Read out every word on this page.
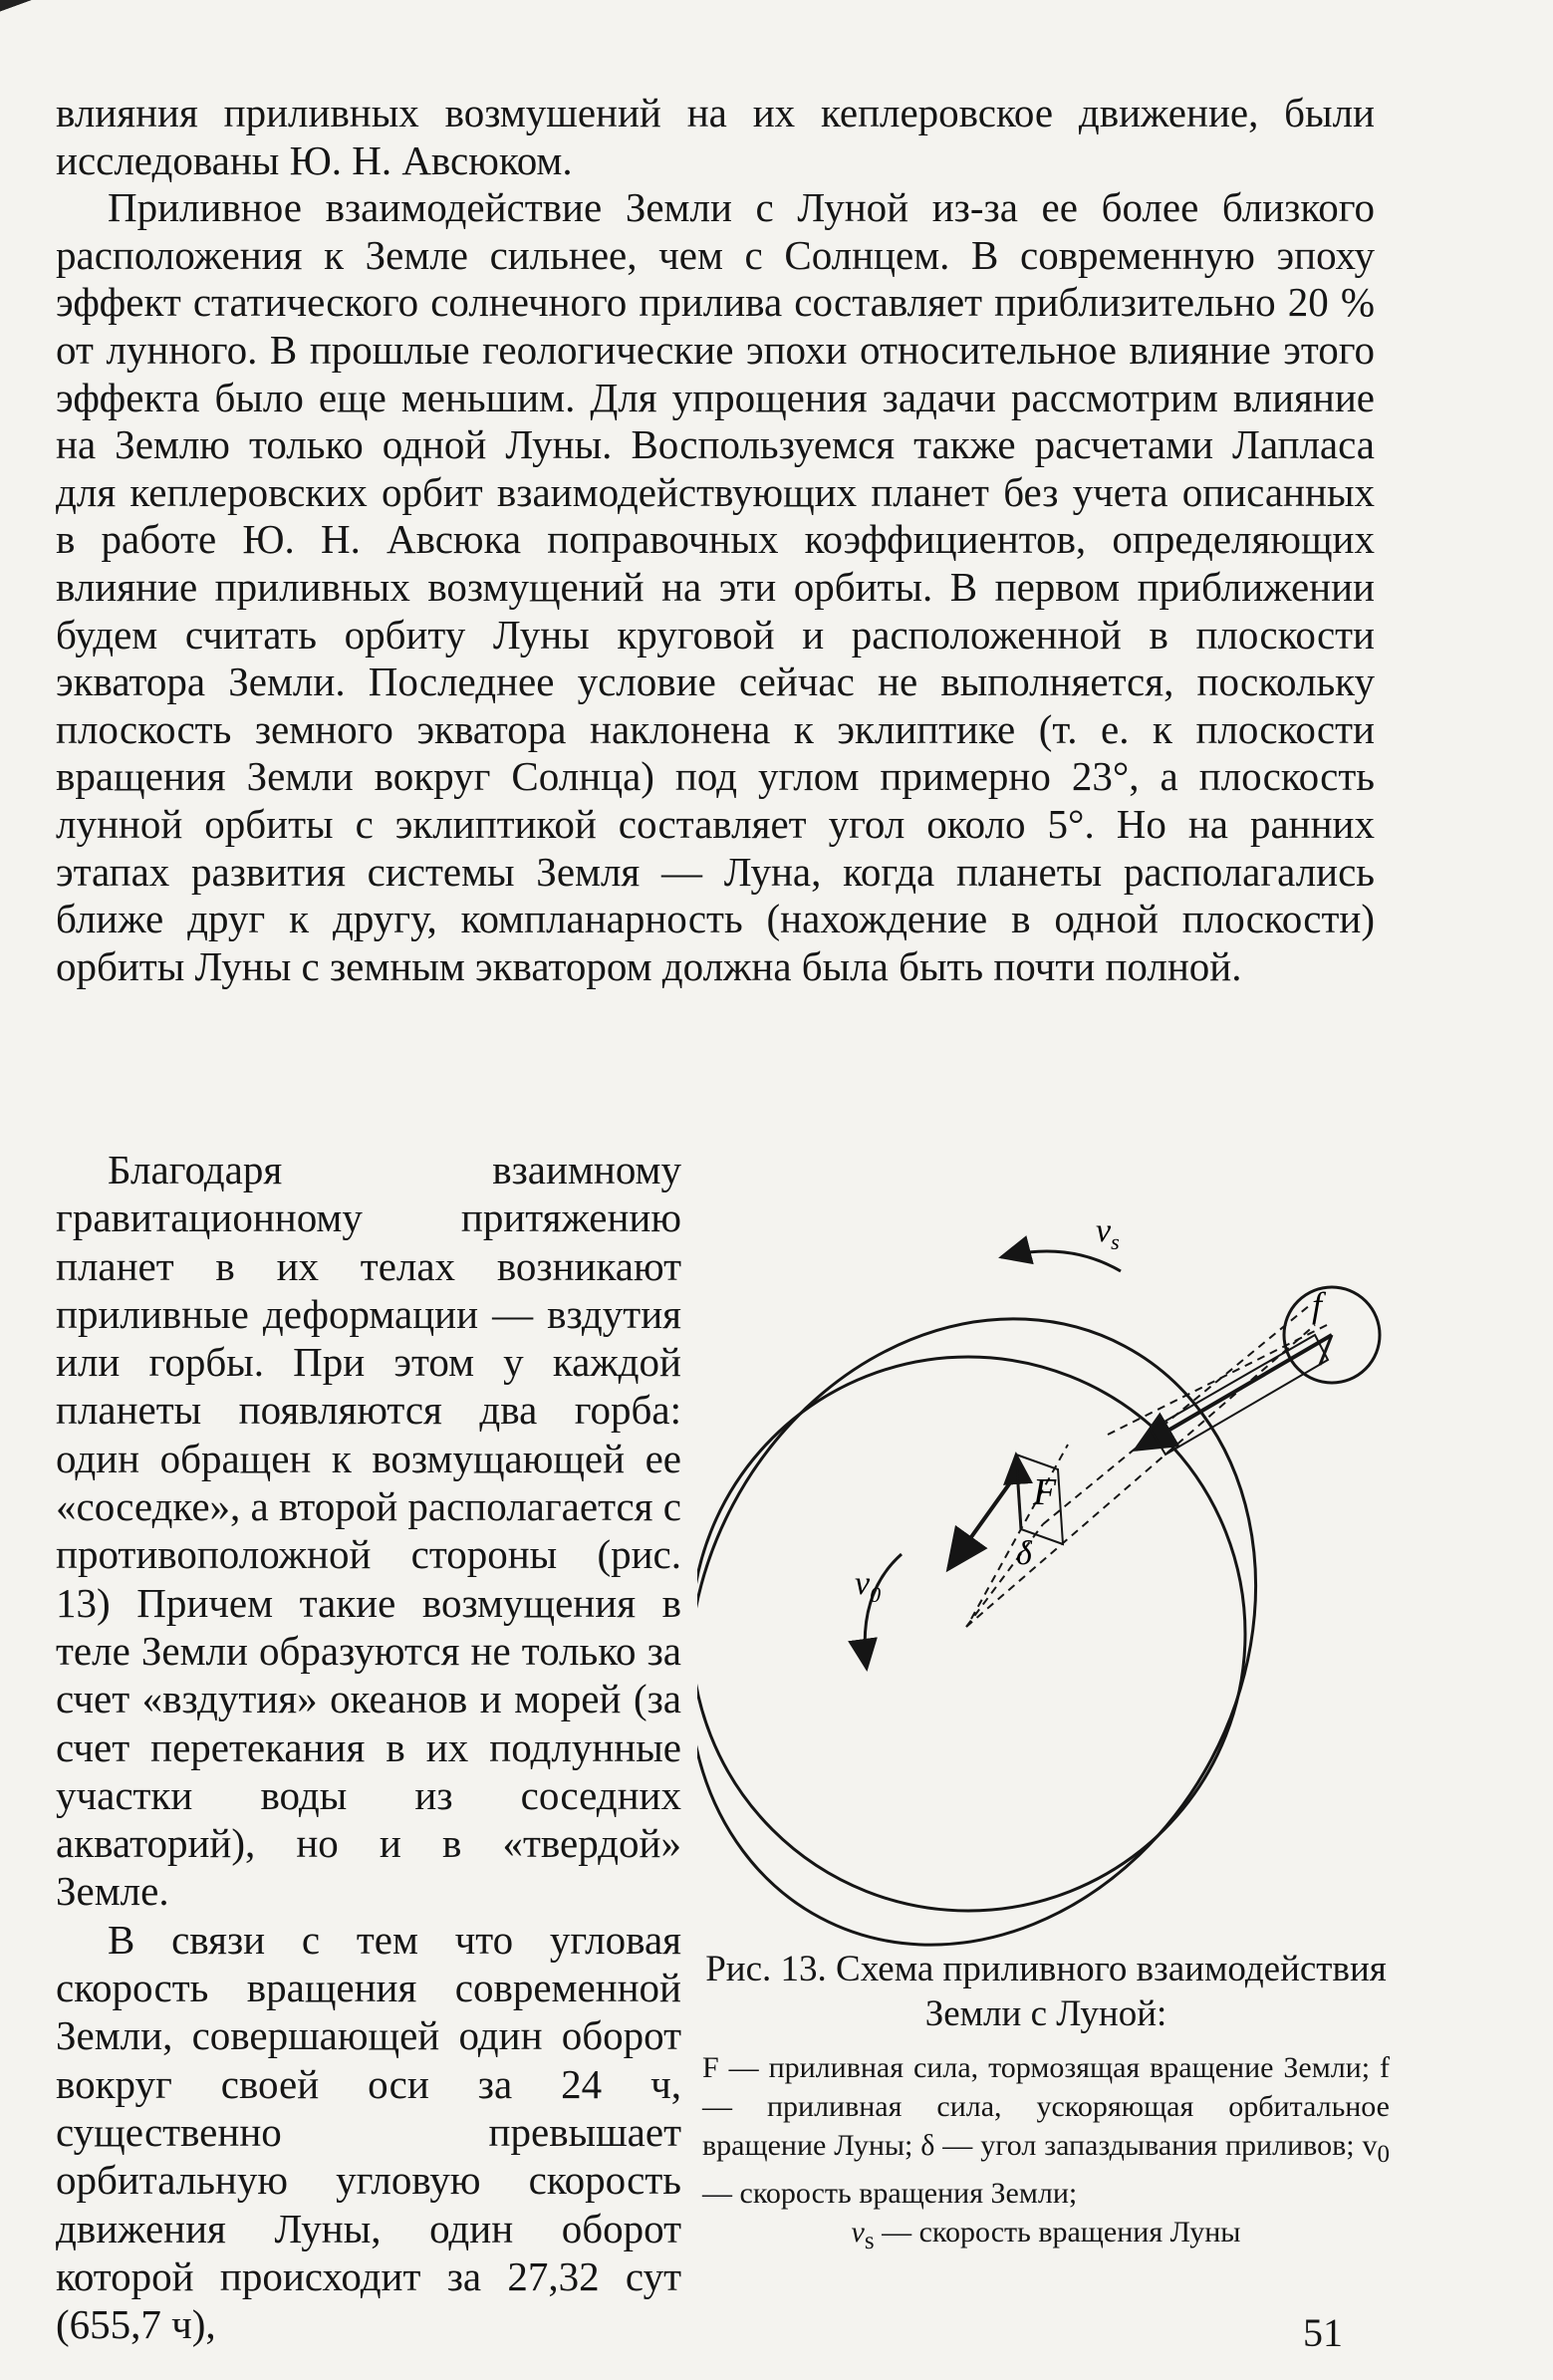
влияния приливных возмушений на их кеплеровское движение, были исследованы Ю. Н. Авсюком.

Приливное взаимодействие Земли с Луной из-за ее более близкого расположения к Земле сильнее, чем с Солнцем. В современную эпоху эффект статического солнечного прилива составляет приблизительно 20 % от лунного. В прошлые геологические эпохи относительное влияние этого эффекта было еще меньшим. Для упрощения задачи рассмотрим влияние на Землю только одной Луны. Воспользуемся также расчетами Лапласа для кеплеровских орбит взаимодействующих планет без учета описанных в работе Ю. Н. Авсюка поправочных коэффициентов, определяющих влияние приливных возмущений на эти орбиты. В первом приближении будем считать орбиту Луны круговой и расположенной в плоскости экватора Земли. Последнее условие сейчас не выполняется, поскольку плоскость земного экватора наклонена к эклиптике (т. е. к плоскости вращения Земли вокруг Солнца) под углом примерно 23°, а плоскость лунной орбиты с эклиптикой составляет угол около 5°. Но на ранних этапах развития системы Земля — Луна, когда планеты располагались ближе друг к другу, компланарность (нахождение в одной плоскости) орбиты Луны с земным экватором должна была быть почти полной.

Благодаря взаимному гравитационному притяжению планет в их телах возникают приливные деформации — вздутия или горбы. При этом у каждой планеты появляются два горба: один обращен к возмущающей ее «соседке», а второй располагается с противоположной стороны (рис. 13) Причем такие возмущения в теле Земли образуются не только за счет «вздутия» океанов и морей (за счет перетекания в их подлунные участки воды из соседних акваторий), но и в «твердой» Земле.

В связи с тем что угловая скорость вращения современной Земли, совершающей один оборот вокруг своей оси за 24 ч, существенно превышает орбитальную угловую скорость движения Луны, один оборот которой происходит за 27,32 сут (655,7 ч),

$v_s$
f
F
δ
$v_0$

Рис. 13. Схема приливного взаимодействия Земли с Луной:

F — приливная сила, тормозящая вращение Земли; f — приливная сила, ускоряющая орбитальное вращение Луны; δ — угол запаздывания приливов; $v_0$ — скорость вращения Земли;
$v_s$ — скорость вращения Луны

51
